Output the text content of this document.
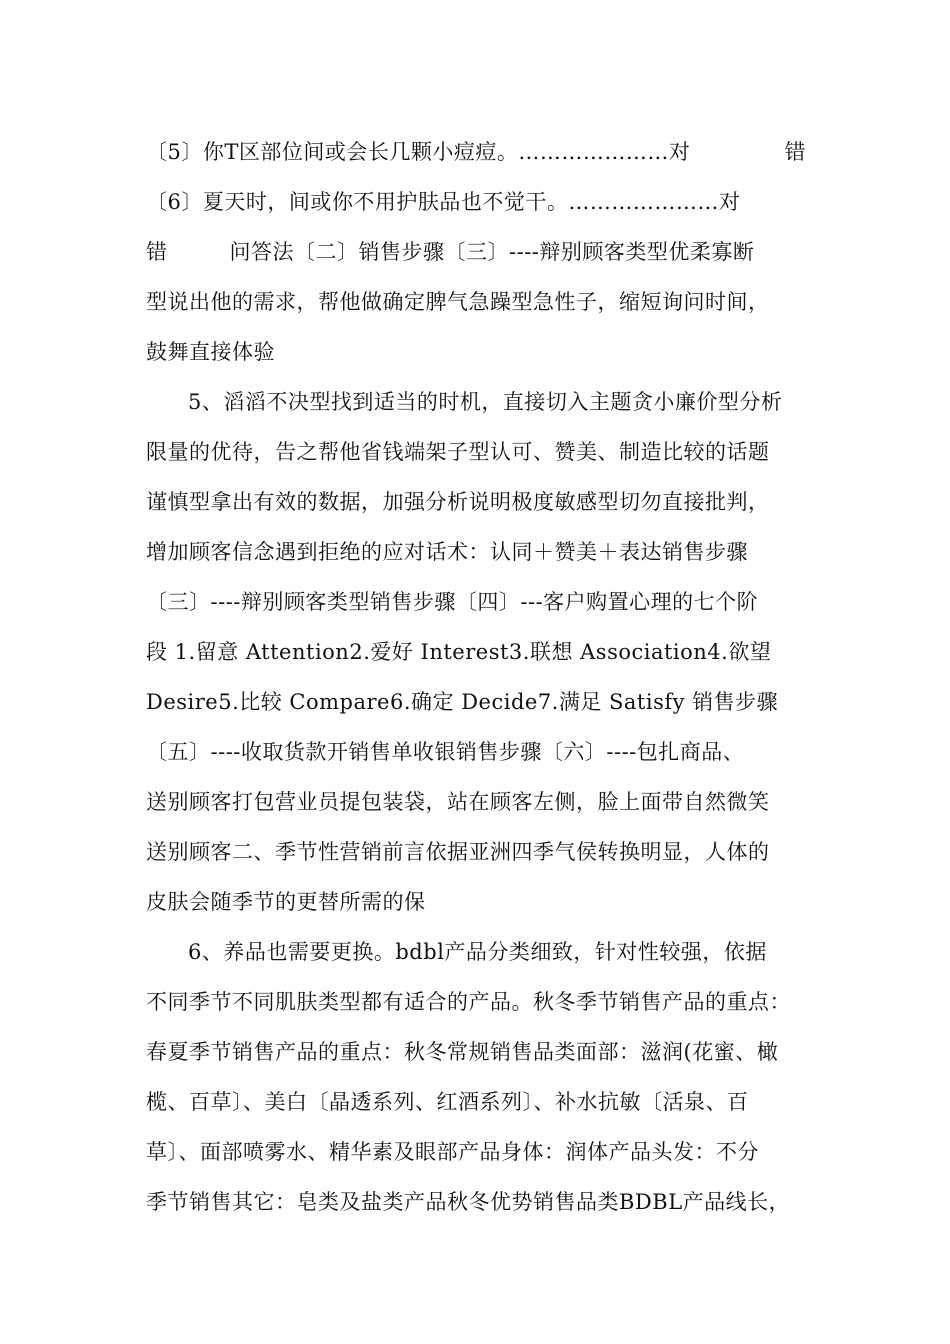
〔5〕你T区部位间或会长几颗小痘痘。…………………对	错
〔6〕夏天时，间或你不用护肤品也不觉干。…………………对
错	问答法〔二〕销售步骤〔三〕----辩别顾客类型优柔寡断
型说出他的需求，帮他做确定脾气急躁型急性子，缩短询问时间，
鼓舞直接体验
5、滔滔不决型找到适当的时机，直接切入主题贪小廉价型分析
限量的优待，告之帮他省钱端架子型认可、赞美、制造比较的话题
谨慎型拿出有效的数据，加强分析说明极度敏感型切勿直接批判，
增加顾客信念遇到拒绝的应对话术：认同＋赞美＋表达销售步骤
〔三〕----辩别顾客类型销售步骤〔四〕---客户购置心理的七个阶
段 1.留意 Attention2.爱好 Interest3.联想 Association4.欲望
Desire5.比较 Compare6.确定 Decide7.满足 Satisfy 销售步骤
〔五〕----收取货款开销售单收银销售步骤〔六〕----包扎商品、
送别顾客打包营业员提包装袋，站在顾客左侧，脸上面带自然微笑
送别顾客二、季节性营销前言依据亚洲四季气侯转换明显，人体的
皮肤会随季节的更替所需的保
6、养品也需要更换。bdbl产品分类细致，针对性较强，依据
不同季节不同肌肤类型都有适合的产品。秋冬季节销售产品的重点：
春夏季节销售产品的重点：秋冬常规销售品类面部：滋润(花蜜、橄
榄、百草〕、美白〔晶透系列、红酒系列〕、补水抗敏〔活泉、百
草〕、面部喷雾水、精华素及眼部产品身体：润体产品头发：不分
季节销售其它：皂类及盐类产品秋冬优势销售品类BDBL产品线长，
